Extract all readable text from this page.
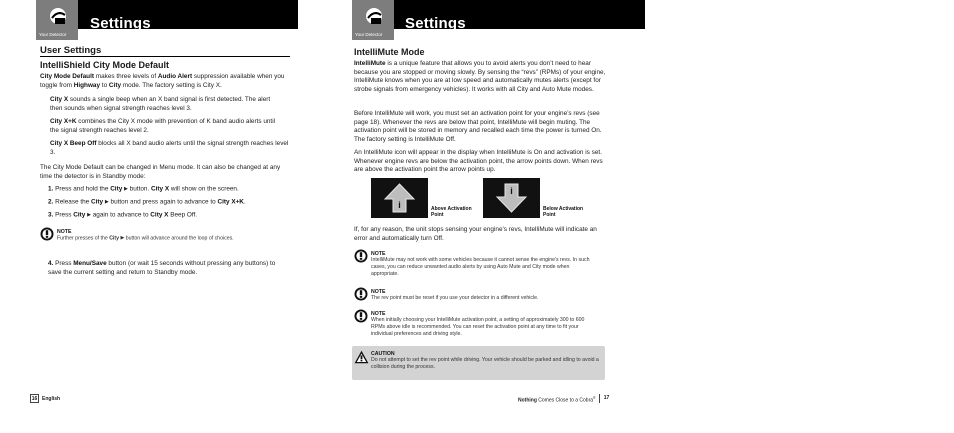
Your Detector
Settings
User Settings
IntelliShield City Mode Default
City Mode Default makes three levels of Audio Alert suppression available when you toggle from Highway to City mode. The factory setting is City X.
City X sounds a single beep when an X band signal is first detected. The alert then sounds when signal strength reaches level 3.
City X+K combines the City X mode with prevention of K band audio alerts until the signal strength reaches level 2.
City X Beep Off blocks all X band audio alerts until the signal strength reaches level 3.
The City Mode Default can be changed in Menu mode. It can also be changed at any time the detector is in Standby mode:
1. Press and hold the City ▶ button. City X will show on the screen.
2. Release the City ▶ button and press again to advance to City X+K.
3. Press City ▶ again to advance to City X Beep Off.
NOTE
Further presses of the City ▶ button will advance around the loop of choices.
4. Press Menu/Save button (or wait 15 seconds without pressing any buttons) to save the current setting and return to Standby mode.
16 English
Your Detector
Settings
IntelliMute Mode
IntelliMute is a unique feature that allows you to avoid alerts you don’t need to hear because you are stopped or moving slowly. By sensing the “revs” (RPMs) of your engine, IntelliMute knows when you are at low speed and automatically mutes alerts (except for strobe signals from emergency vehicles). It works with all City and Auto Mute modes.
Before IntelliMute will work, you must set an activation point for your engine’s revs (see page 18). Whenever the revs are below that point, IntelliMute will begin muting. The activation point will be stored in memory and recalled each time the power is turned On. The factory setting is IntelliMute Off.
An IntelliMute icon will appear in the display when IntelliMute is On and activation is set. Whenever engine revs are below the activation point, the arrow points down. When revs are above the activation point the arrow points up.
i	Above Activation Point
i
Below Activation Point
If, for any reason, the unit stops sensing your engine’s revs, IntelliMute will indicate an error and automatically turn Off.
NOTE
IntelliMute may not work with some vehicles because it cannot sense the engine’s revs. In such cases, you can reduce unwanted audio alerts by using Auto Mute and City mode when appropriate.
NOTE
The rev point must be reset if you use your detector in a different vehicle.
NOTE
When initially choosing your IntelliMute activation point, a setting of approximately 300 to 600 RPMs above idle is recommended. You can reset the activation point at any time to fit your individual preferences and driving style.
CAUTION
Do not attempt to set the rev point while driving. Your vehicle should be parked and idling to avoid a collision during the process.
Nothing Comes Close to a Cobra®	17
